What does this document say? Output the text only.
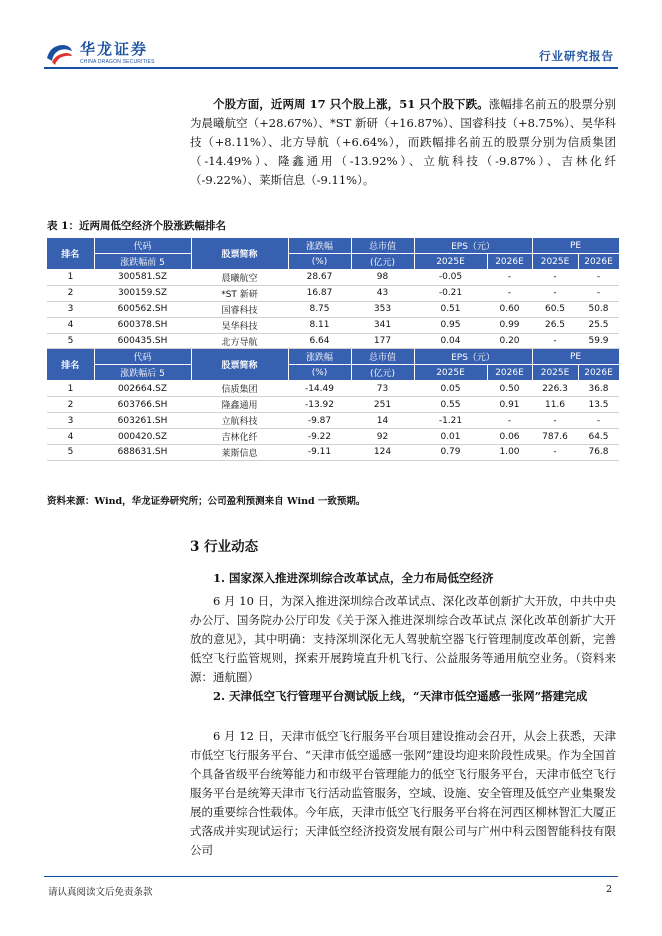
华龙证券
CHINA DRAGON SECURITIES	行业研究报告
个股方面，近两周 17 只个股上涨，51 只个股下跌。涨幅排名前五的股票分别为晨曦航空（+28.67%）、*ST 新研（+16.87%）、国睿科技（+8.75%）、昊华科技（+8.11%）、北方导航（+6.64%），而跌幅排名前五的股票分别为信质集团（-14.49%）、隆鑫通用（-13.92%）、立航科技（-9.87%）、吉林化纤（-9.22%）、莱斯信息（-9.11%）。
表 1：近两周低空经济个股涨跌幅排名
排名	代码	股票简称	涨跌幅	总市值	EPS（元）		PE	
	涨跌幅前 5		(%)	(亿元)	2025E	2026E	2025E	2026E
1	300581.SZ	晨曦航空	28.67	98	-0.05	-	-	-
2	300159.SZ	*ST 新研	16.87	43	-0.21	-	-	-
3	600562.SH	国睿科技	8.75	353	0.51	0.60	60.5	50.8
4	600378.SH	昊华科技	8.11	341	0.95	0.99	26.5	25.5
5	600435.SH	北方导航	6.64	177	0.04	0.20	-	59.9
排名	代码	股票简称	涨跌幅	总市值	EPS（元）		PE	
	涨跌幅后 5		(%)	(亿元)	2025E	2026E	2025E	2026E
1	002664.SZ	信质集团	-14.49	73	0.05	0.50	226.3	36.8
2	603766.SH	隆鑫通用	-13.92	251	0.55	0.91	11.6	13.5
3	603261.SH	立航科技	-9.87	14	-1.21	-	-	-
4	000420.SZ	吉林化纤	-9.22	92	0.01	0.06	787.6	64.5
5	688631.SH	莱斯信息	-9.11	124	0.79	1.00	-	76.8
资料来源：Wind，华龙证券研究所；公司盈利预测来自 Wind 一致预期。
3 行业动态
1. 国家深入推进深圳综合改革试点，全力布局低空经济
6 月 10 日，为深入推进深圳综合改革试点、深化改革创新扩大开放，中共中央办公厅、国务院办公厅印发《关于深入推进深圳综合改革试点 深化改革创新扩大开放的意见》，其中明确：支持深圳深化无人驾驶航空器飞行管理制度改革创新，完善低空飞行监管规则，探索开展跨境直升机飞行、公益服务等通用航空业务。（资料来源：通航圈）
2. 天津低空飞行管理平台测试版上线，“天津市低空遥感一张网”搭建完成
6 月 12 日，天津市低空飞行服务平台项目建设推动会召开，从会上获悉，天津市低空飞行服务平台、“天津市低空遥感一张网”建设均迎来阶段性成果。作为全国首个具备省级平台统筹能力和市级平台管理能力的低空飞行服务平台，天津市低空飞行服务平台是统筹天津市飞行活动监管服务，空域、设施、安全管理及低空产业集聚发展的重要综合性载体。今年底，天津市低空飞行服务平台将在河西区柳林智汇大厦正式落成并实现试运行；天津低空经济投资发展有限公司与广州中科云图智能科技有限公司
请认真阅读文后免责条款	2
